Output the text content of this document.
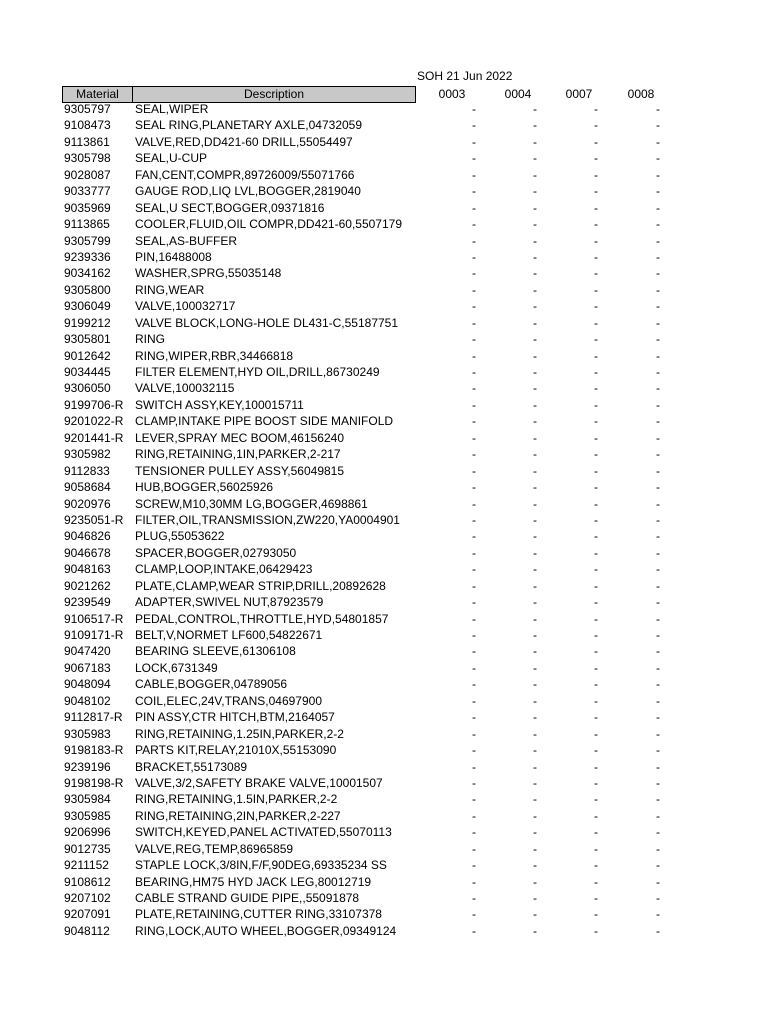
SOH 21 Jun 2022
Material	Description	0003	0004	0007	0008
9305797 SEAL,WIPER	-	-	-	-
9108473 SEAL RING,PLANETARY AXLE,04732059	-	-	-	-
9113861 VALVE,RED,DD421-60 DRILL,55054497	-	-	-	-
9305798 SEAL,U-CUP	-	-	-	-
9028087 FAN,CENT,COMPR,89726009/55071766	-	-	-	-
9033777 GAUGE ROD,LIQ LVL,BOGGER,2819040	-	-	-	-
9035969 SEAL,U SECT,BOGGER,09371816	-	-	-	-
9113865 COOLER,FLUID,OIL COMPR,DD421-60,5507179	-	-	-	-
9305799 SEAL,AS-BUFFER	-	-	-	-
9239336 PIN,16488008	-	-	-	-
9034162 WASHER,SPRG,55035148	-	-	-	-
9305800 RING,WEAR	-	-	-	-
9306049 VALVE,100032717	-	-	-	-
9199212 VALVE BLOCK,LONG-HOLE DL431-C,55187751	-	-	-	-
9305801 RING	-	-	-	-
9012642 RING,WIPER,RBR,34466818	-	-	-	-
9034445 FILTER ELEMENT,HYD OIL,DRILL,86730249	-	-	-	-
9306050 VALVE,100032115	-	-	-	-
9199706-R SWITCH ASSY,KEY,100015711	-	-	-	-
9201022-R CLAMP,INTAKE PIPE BOOST SIDE MANIFOLD	-	-	-	-
9201441-R LEVER,SPRAY MEC BOOM,46156240	-	-	-	-
9305982 RING,RETAINING,1IN,PARKER,2-217	-	-	-	-
9112833 TENSIONER PULLEY ASSY,56049815	-	-	-	-
9058684 HUB,BOGGER,56025926	-	-	-	-
9020976 SCREW,M10,30MM LG,BOGGER,4698861	-	-	-	-
9235051-R FILTER,OIL,TRANSMISSION,ZW220,YA0004901	-	-	-	-
9046826 PLUG,55053622	-	-	-	-
9046678 SPACER,BOGGER,02793050	-	-	-	-
9048163 CLAMP,LOOP,INTAKE,06429423	-	-	-	-
9021262 PLATE,CLAMP,WEAR STRIP,DRILL,20892628	-	-	-	-
9239549 ADAPTER,SWIVEL NUT,87923579	-	-	-	-
9106517-R PEDAL,CONTROL,THROTTLE,HYD,54801857	-	-	-	-
9109171-R BELT,V,NORMET LF600,54822671	-	-	-	-
9047420 BEARING SLEEVE,61306108	-	-	-	-
9067183 LOCK,6731349	-	-	-	-
9048094 CABLE,BOGGER,04789056	-	-	-	-
9048102 COIL,ELEC,24V,TRANS,04697900	-	-	-	-
9112817-R PIN ASSY,CTR HITCH,BTM,2164057	-	-	-	-
9305983 RING,RETAINING,1.25IN,PARKER,2-2	-	-	-	-
9198183-R PARTS KIT,RELAY,21010X,55153090	-	-	-	-
9239196 BRACKET,55173089	-	-	-	-
9198198-R VALVE,3/2,SAFETY BRAKE VALVE,10001507	-	-	-	-
9305984 RING,RETAINING,1.5IN,PARKER,2-2	-	-	-	-
9305985 RING,RETAINING,2IN,PARKER,2-227	-	-	-	-
9206996 SWITCH,KEYED,PANEL ACTIVATED,55070113	-	-	-	-
9012735 VALVE,REG,TEMP,86965859	-	-	-	-
9211152 STAPLE LOCK,3/8IN,F/F,90DEG,69335234 SS	-	-	-	-
9108612 BEARING,HM75 HYD JACK LEG,80012719	-	-	-	-
9207102 CABLE STRAND GUIDE PIPE,,55091878	-	-	-	-
9207091 PLATE,RETAINING,CUTTER RING,33107378	-	-	-	-
9048112 RING,LOCK,AUTO WHEEL,BOGGER,09349124	-	-	-	-
